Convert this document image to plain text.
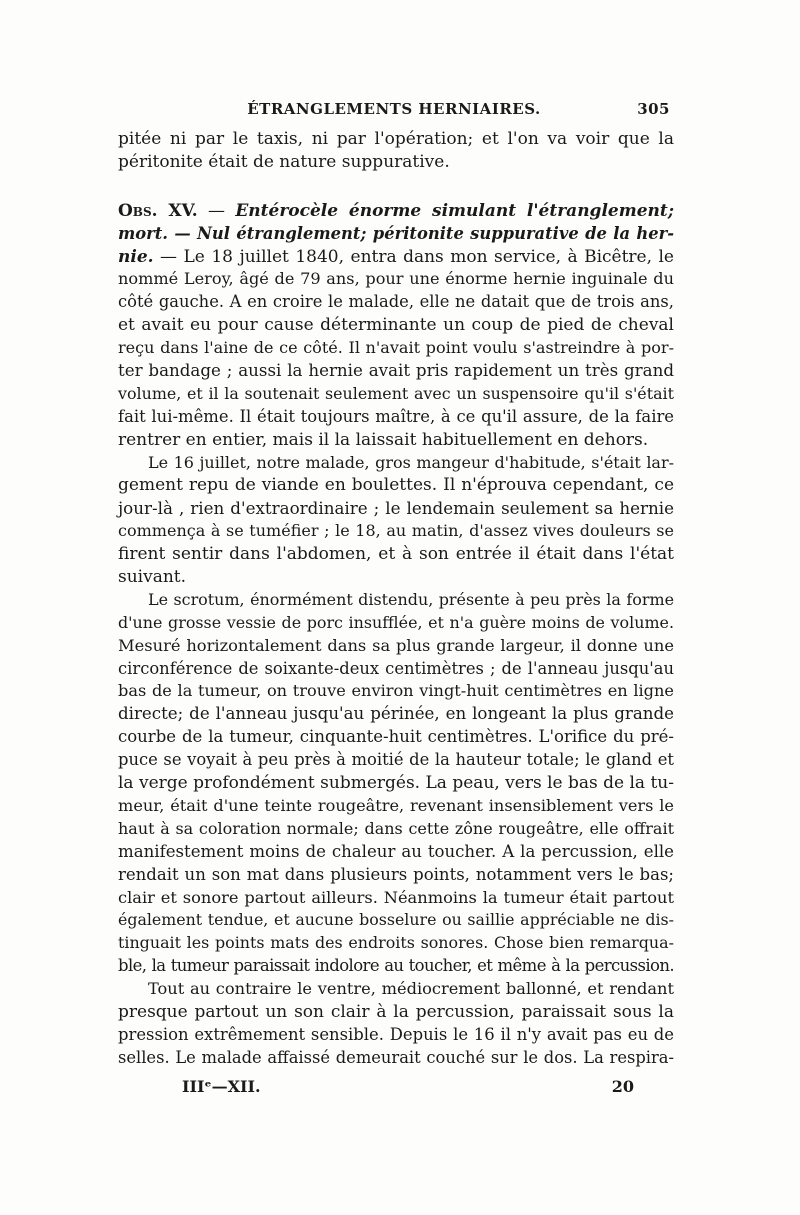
ÉTRANGLEMENTS HERNIAIRES.	305
pitée ni par le taxis, ni par l'opération; et l'on va voir que la
péritonite était de nature suppurative.
Obs. XV. — Entérocèle énorme simulant l'étranglement;
mort. — Nul étranglement; péritonite suppurative de la her-
nie. — Le 18 juillet 1840, entra dans mon service, à Bicêtre, le
nommé Leroy, âgé de 79 ans, pour une énorme hernie inguinale du
côté gauche. A en croire le malade, elle ne datait que de trois ans,
et avait eu pour cause déterminante un coup de pied de cheval
reçu dans l'aine de ce côté. Il n'avait point voulu s'astreindre à por-
ter bandage ; aussi la hernie avait pris rapidement un très grand
volume, et il la soutenait seulement avec un suspensoire qu'il s'était
fait lui-même. Il était toujours maître, à ce qu'il assure, de la faire
rentrer en entier, mais il la laissait habituellement en dehors.
Le 16 juillet, notre malade, gros mangeur d'habitude, s'était lar-
gement repu de viande en boulettes. Il n'éprouva cependant, ce
jour-là , rien d'extraordinaire ; le lendemain seulement sa hernie
commença à se tuméfier ; le 18, au matin, d'assez vives douleurs se
firent sentir dans l'abdomen, et à son entrée il était dans l'état
suivant.
Le scrotum, énormément distendu, présente à peu près la forme
d'une grosse vessie de porc insufflée, et n'a guère moins de volume.
Mesuré horizontalement dans sa plus grande largeur, il donne une
circonférence de soixante-deux centimètres ; de l'anneau jusqu'au
bas de la tumeur, on trouve environ vingt-huit centimètres en ligne
directe; de l'anneau jusqu'au périnée, en longeant la plus grande
courbe de la tumeur, cinquante-huit centimètres. L'orifice du pré-
puce se voyait à peu près à moitié de la hauteur totale; le gland et
la verge profondément submergés. La peau, vers le bas de la tu-
meur, était d'une teinte rougeâtre, revenant insensiblement vers le
haut à sa coloration normale; dans cette zône rougeâtre, elle offrait
manifestement moins de chaleur au toucher. A la percussion, elle
rendait un son mat dans plusieurs points, notamment vers le bas;
clair et sonore partout ailleurs. Néanmoins la tumeur était partout
également tendue, et aucune bosselure ou saillie appréciable ne dis-
tinguait les points mats des endroits sonores. Chose bien remarqua-
ble, la tumeur paraissait indolore au toucher, et même à la percussion.
Tout au contraire le ventre, médiocrement ballonné, et rendant
presque partout un son clair à la percussion, paraissait sous la
pression extrêmement sensible. Depuis le 16 il n'y avait pas eu de
selles. Le malade affaissé demeurait couché sur le dos. La respira-
IIIᵉ—XII.	20
